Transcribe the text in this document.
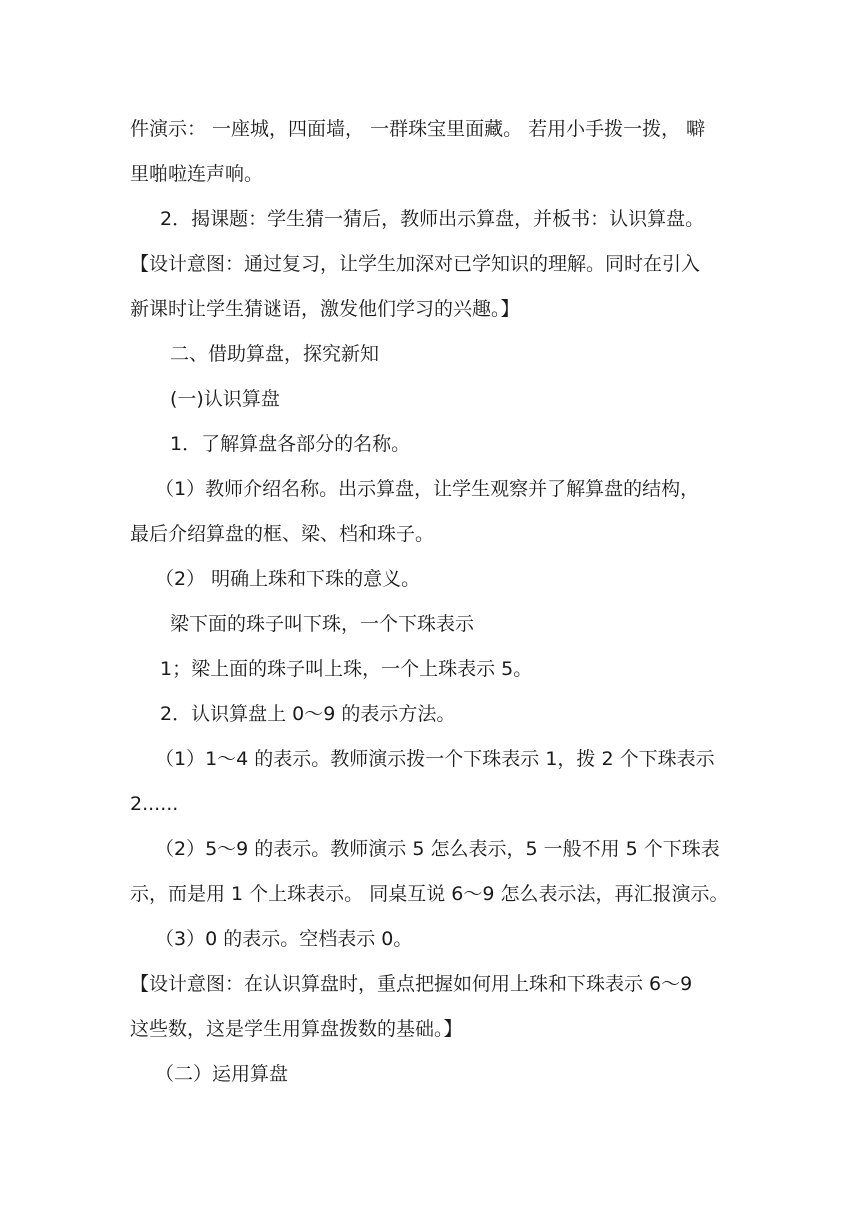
件演示： 一座城，四面墙， 一群珠宝里面藏。 若用小手拨一拨， 噼
里啪啦连声响。
2．揭课题：学生猜一猜后，教师出示算盘，并板书：认识算盘。
【设计意图：通过复习，让学生加深对已学知识的理解。同时在引入
新课时让学生猜谜语，激发他们学习的兴趣。】
二、借助算盘，探究新知
(一)认识算盘
1．了解算盘各部分的名称。
（1）教师介绍名称。出示算盘，让学生观察并了解算盘的结构，
最后介绍算盘的框、梁、档和珠子。
（2） 明确上珠和下珠的意义。
梁下面的珠子叫下珠，一个下珠表示
1；梁上面的珠子叫上珠，一个上珠表示 5。
2．认识算盘上 0～9 的表示方法。
（1）1～4 的表示。教师演示拨一个下珠表示 1，拨 2 个下珠表示
2......
（2）5～9 的表示。教师演示 5 怎么表示，5 一般不用 5 个下珠表
示，而是用 1 个上珠表示。 同桌互说 6～9 怎么表示法，再汇报演示。
（3）0 的表示。空档表示 0。
【设计意图：在认识算盘时，重点把握如何用上珠和下珠表示 6～9
这些数，这是学生用算盘拨数的基础。】
（二）运用算盘
